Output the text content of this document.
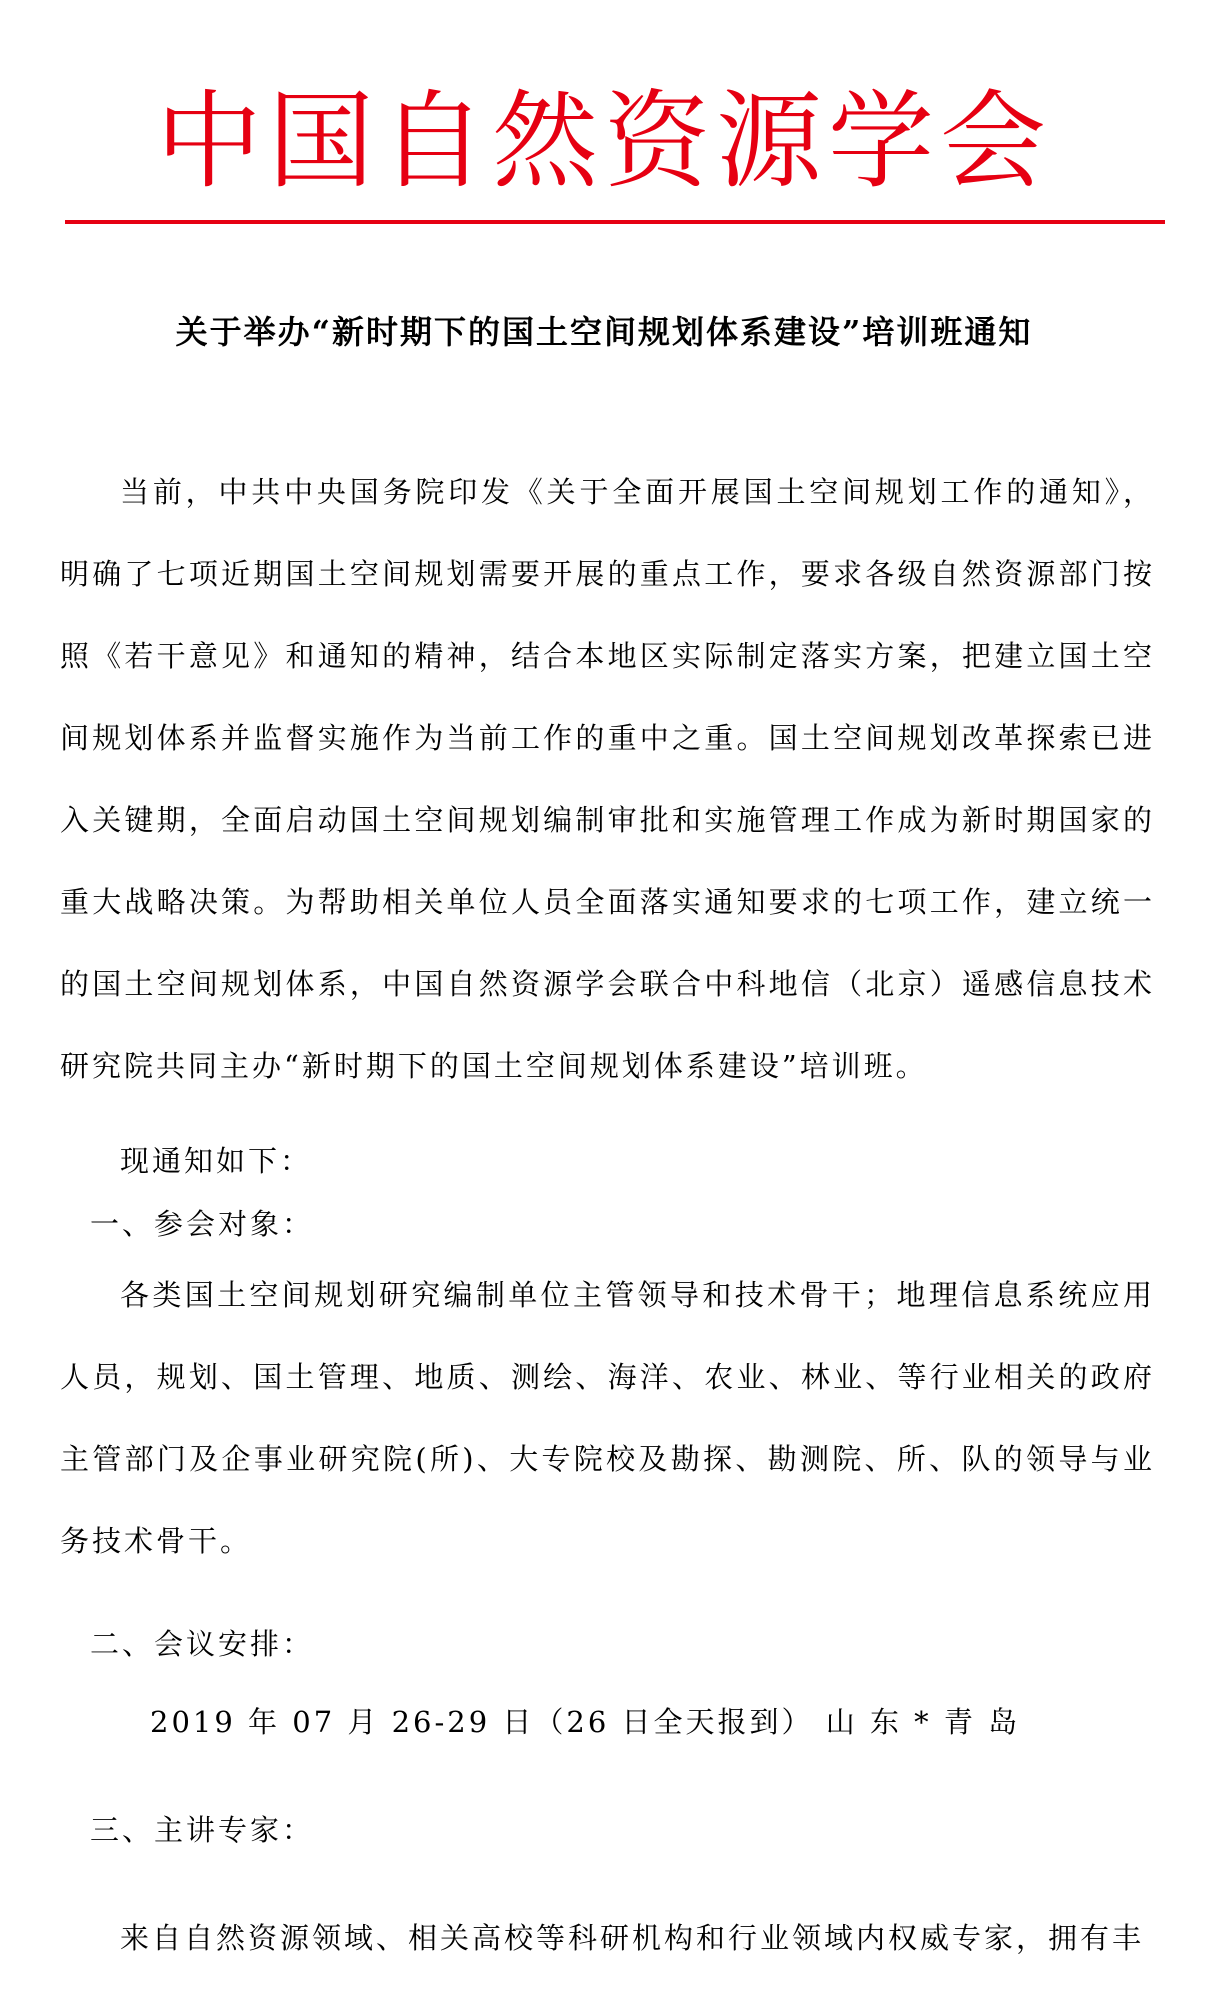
中国自然资源学会
关于举办“新时期下的国土空间规划体系建设”培训班通知

当前，中共中央国务院印发《关于全面开展国土空间规划工作的通知》，明确了七项近期国土空间规划需要开展的重点工作，要求各级自然资源部门按照《若干意见》和通知的精神，结合本地区实际制定落实方案，把建立国土空间规划体系并监督实施作为当前工作的重中之重。国土空间规划改革探索已进入关键期，全面启动国土空间规划编制审批和实施管理工作成为新时期国家的重大战略决策。为帮助相关单位人员全面落实通知要求的七项工作，建立统一的国土空间规划体系，中国自然资源学会联合中科地信（北京）遥感信息技术研究院共同主办“新时期下的国土空间规划体系建设”培训班。

现通知如下：

一、参会对象：

各类国土空间规划研究编制单位主管领导和技术骨干；地理信息系统应用人员，规划、国土管理、地质、测绘、海洋、农业、林业、等行业相关的政府主管部门及企事业研究院(所)、大专院校及勘探、勘测院、所、队的领导与业务技术骨干。

二、会议安排：

2019 年 07 月 26-29 日（26 日全天报到） 山 东 * 青 岛

三、主讲专家：

来自自然资源领域、相关高校等科研机构和行业领域内权威专家，拥有丰
